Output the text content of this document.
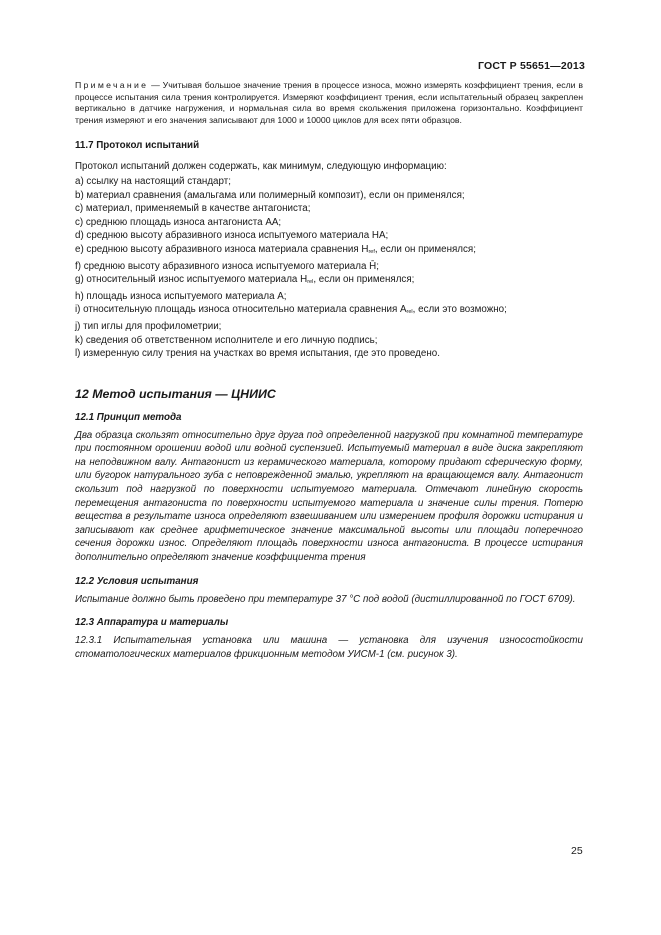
ГОСТ Р 55651—2013

Примечание — Учитывая большое значение трения в процессе износа, можно измерять коэффициент трения, если в процессе испытания сила трения контролируется. Измеряют коэффициент трения, если испытательный образец закреплен вертикально в датчике нагружения, и нормальная сила во время скольжения приложена горизонтально. Коэффициент трения измеряют и его значения записывают для 1000 и 10000 циклов для всех пяти образцов.

11.7 Протокол испытаний

Протокол испытаний должен содержать, как минимум, следующую информацию:

a) ссылку на настоящий стандарт;

b) материал сравнения (амальгама или полимерный композит), если он применялся;

c) материал, применяемый в качестве антагониста;

c) среднюю площадь износа антагониста AA;

d) среднюю высоту абразивного износа испытуемого материала HA;

e) среднюю высоту абразивного износа материала сравнения Href, если он применялся;

f) среднюю высоту абразивного износа испытуемого материала H̄;

g) относительный износ испытуемого материала Hrel, если он применялся;

h) площадь износа испытуемого материала A;

i) относительную площадь износа относительно материала сравнения Arel, если это возможно;

j) тип иглы для профилометрии;

k) сведения об ответственном исполнителе и его личную подпись;

l) измеренную силу трения на участках во время испытания, где это проведено.

12 Метод испытания — ЦНИИС
12.1 Принцип метода

Два образца скользят относительно друг друга под определенной нагрузкой при комнатной температуре при постоянном орошении водой или водной суспензией. Испытуемый материал в виде диска закрепляют на неподвижном валу. Антагонист из керамического материала, которому придают сферическую форму, или бугорок натурального зуба с неповрежденной эмалью, укрепляют на вращающемся валу. Антагонист скользит под нагрузкой по поверхности испытуемого материала. Отмечают линейную скорость перемещения антагониста по поверхности испытуемого материала и значение силы трения. Потерю вещества в результате износа определяют взвешиванием или измерением профиля дорожки истирания и записывают как среднее арифметическое значение максимальной высоты или площади поперечного сечения дорожки износ. Определяют площадь поверхности износа антагониста. В процессе истирания дополнительно определяют значение коэффициента трения

12.2 Условия испытания

Испытание должно быть проведено при температуре 37 °С под водой (дистиллированной по ГОСТ 6709).

12.3 Аппаратура и материалы

12.3.1 Испытательная установка или машина — установка для изучения износостойкости стоматологических материалов фрикционным методом УИСМ-1 (см. рисунок 3).

25
